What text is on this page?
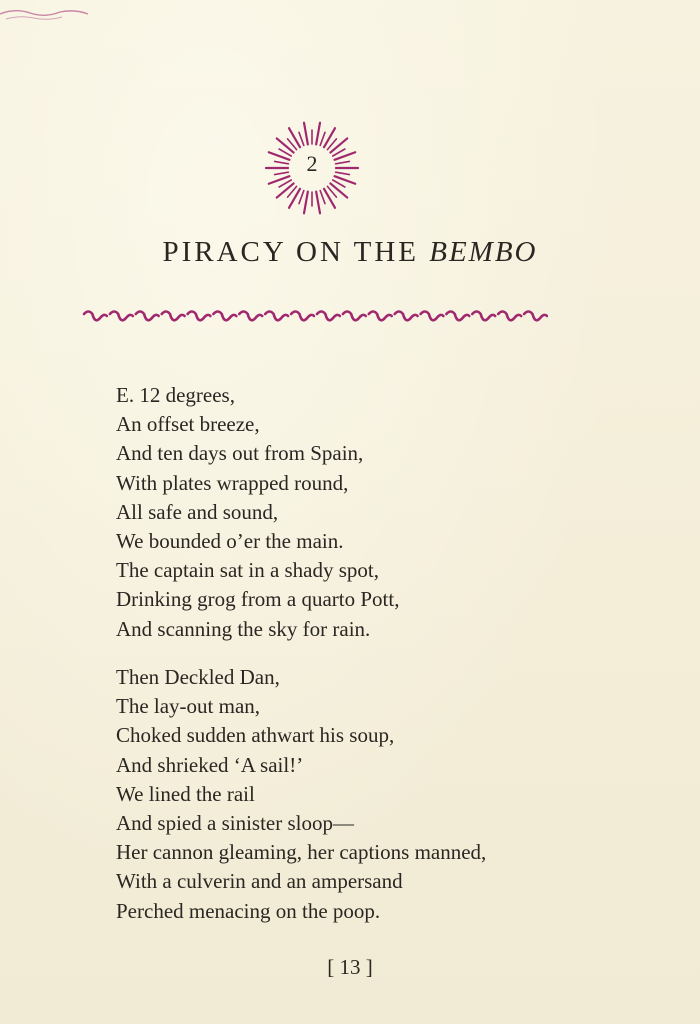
2
PIRACY ON THE BEMBO
E. 12 degrees,
An offset breeze,
And ten days out from Spain,
With plates wrapped round,
All safe and sound,
We bounded o’er the main.
The captain sat in a shady spot,
Drinking grog from a quarto Pott,
And scanning the sky for rain.
Then Deckled Dan,
The lay-out man,
Choked sudden athwart his soup,
And shrieked ‘A sail!’
We lined the rail
And spied a sinister sloop—
Her cannon gleaming, her captions manned,
With a culverin and an ampersand
Perched menacing on the poop.
[ 13 ]
